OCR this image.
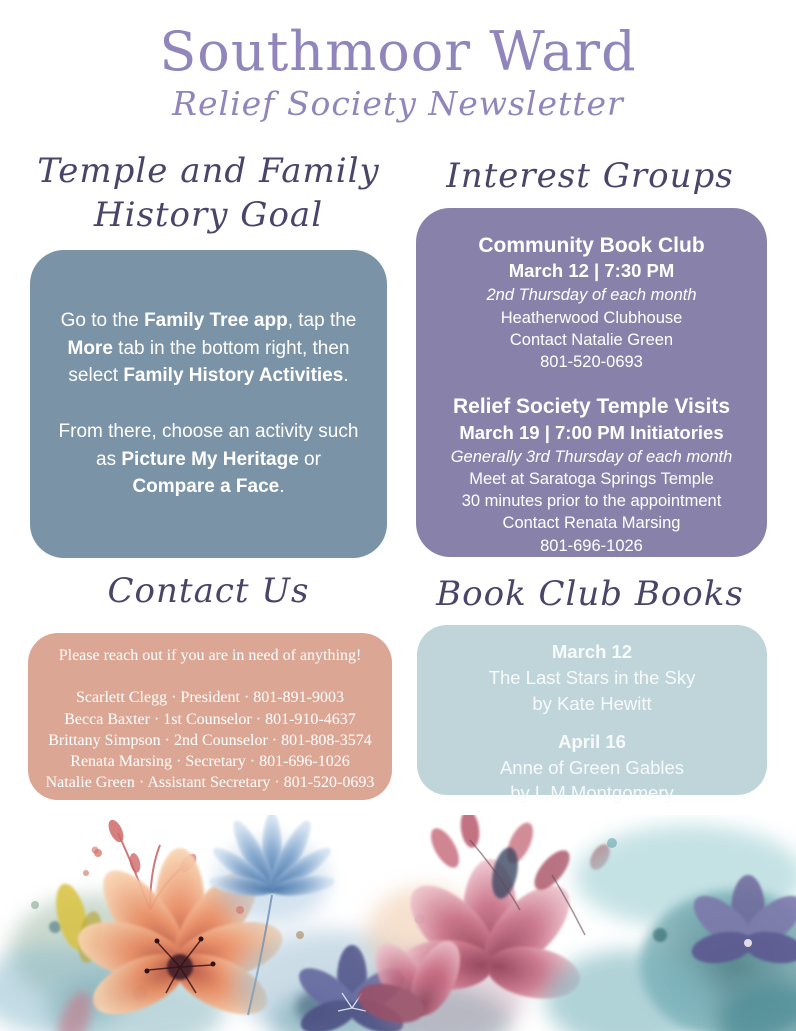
Southmoor Ward
Relief Society Newsletter
Temple and Family
History Goal

Go to the Family Tree app, tap the More tab in the bottom right, then select Family History Activities.

From there, choose an activity such as Picture My Heritage or Compare a Face.

Interest Groups
Community Book Club
March 12 | 7:30 PM
2nd Thursday of each month
Heatherwood Clubhouse
Contact Natalie Green
801-520-0693
Relief Society Temple Visits
March 19 | 7:00 PM Initiatories
Generally 3rd Thursday of each month
Meet at Saratoga Springs Temple
30 minutes prior to the appointment
Contact Renata Marsing
801-696-1026
Contact Us
Please reach out if you are in need of anything!
Scarlett Clegg · President · 801-891-9003
Becca Baxter · 1st Counselor · 801-910-4637
Brittany Simpson · 2nd Counselor · 801-808-3574
Renata Marsing · Secretary · 801-696-1026
Natalie Green · Assistant Secretary · 801-520-0693
Book Club Books
March 12
The Last Stars in the Sky
by Kate Hewitt
April 16
Anne of Green Gables
by L.M.Montgomery
